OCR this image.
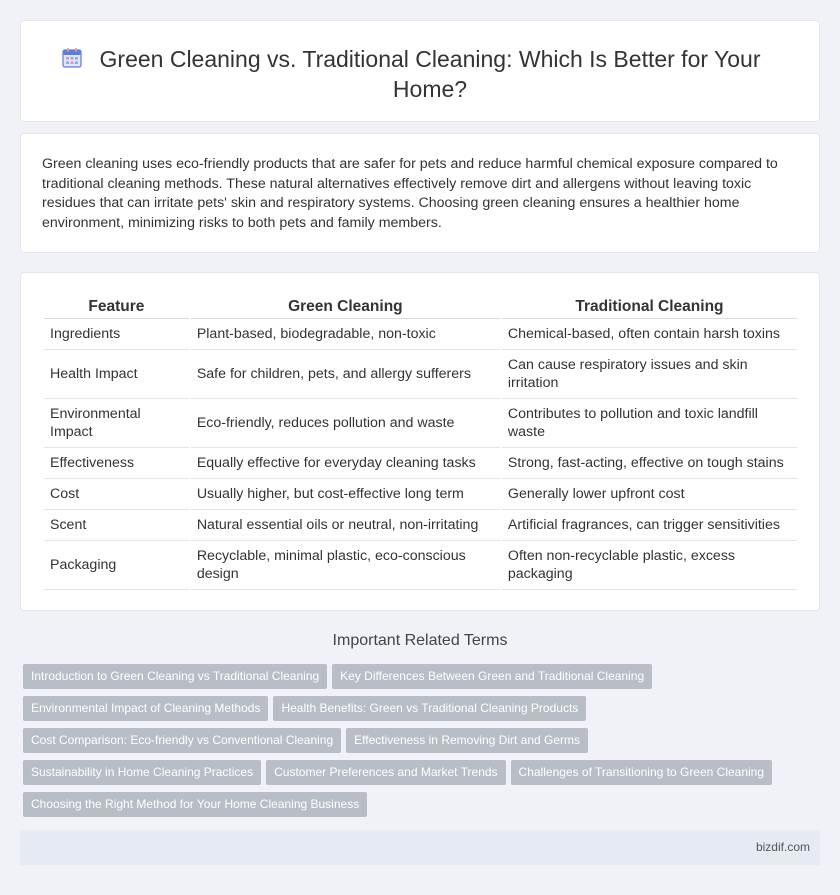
Green Cleaning vs. Traditional Cleaning: Which Is Better for Your Home?

Green cleaning uses eco-friendly products that are safer for pets and reduce harmful chemical exposure compared to traditional cleaning methods. These natural alternatives effectively remove dirt and allergens without leaving toxic residues that can irritate pets' skin and respiratory systems. Choosing green cleaning ensures a healthier home environment, minimizing risks to both pets and family members.

Feature	Green Cleaning	Traditional Cleaning
Ingredients	Plant-based, biodegradable, non-toxic	Chemical-based, often contain harsh toxins
Health Impact	Safe for children, pets, and allergy sufferers	Can cause respiratory issues and skin irritation
Environmental Impact	Eco-friendly, reduces pollution and waste	Contributes to pollution and toxic landfill waste
Effectiveness	Equally effective for everyday cleaning tasks	Strong, fast-acting, effective on tough stains
Cost	Usually higher, but cost-effective long term	Generally lower upfront cost
Scent	Natural essential oils or neutral, non-irritating	Artificial fragrances, can trigger sensitivities
Packaging	Recyclable, minimal plastic, eco-conscious design	Often non-recyclable plastic, excess packaging
Important Related Terms
Introduction to Green Cleaning vs Traditional Cleaning Key Differences Between Green and Traditional Cleaning
Environmental Impact of Cleaning Methods Health Benefits: Green vs Traditional Cleaning Products
Cost Comparison: Eco-friendly vs Conventional Cleaning Effectiveness in Removing Dirt and Germs
Sustainability in Home Cleaning Practices Customer Preferences and Market Trends Challenges of Transitioning to Green Cleaning
Choosing the Right Method for Your Home Cleaning Business
bizdif.com
